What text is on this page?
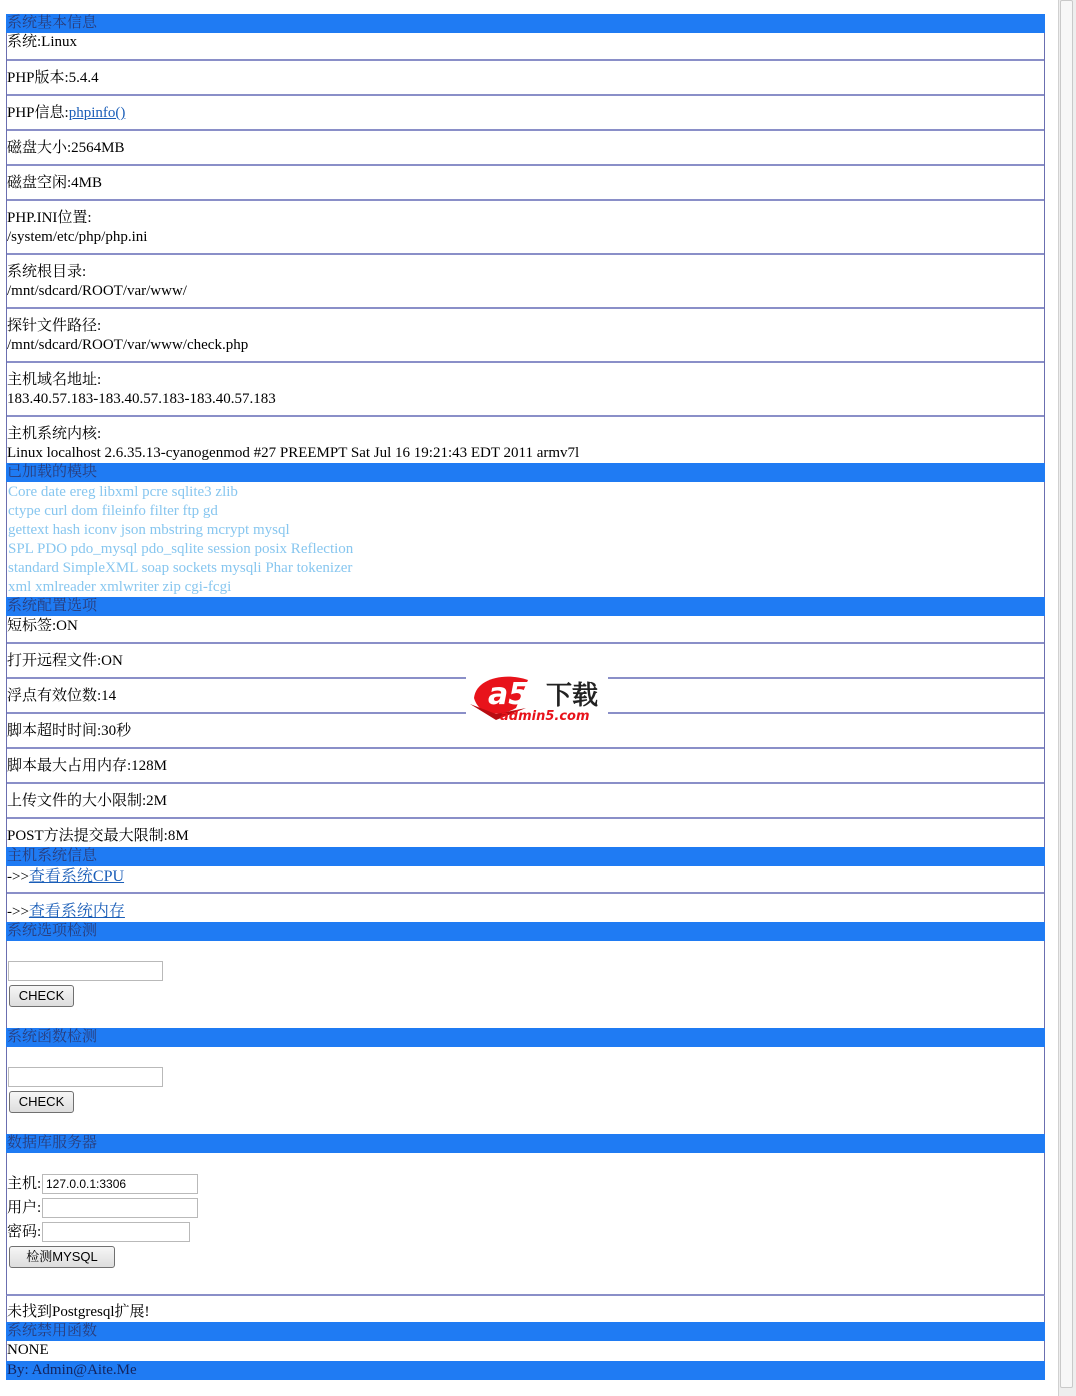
系统基本信息
系统:Linux
PHP版本:5.4.4
PHP信息:phpinfo()
磁盘大小:2564MB
磁盘空闲:4MB
PHP.INI位置:
/system/etc/php/php.ini
系统根目录:
/mnt/sdcard/ROOT/var/www/
探针文件路径:
/mnt/sdcard/ROOT/var/www/check.php
主机域名地址:
183.40.57.183-183.40.57.183-183.40.57.183
主机系统内核:
Linux localhost 2.6.35.13-cyanogenmod #27 PREEMPT Sat Jul 16 19:21:43 EDT 2011 armv7l
已加载的模块
Core date ereg libxml pcre sqlite3 zlib
ctype curl dom fileinfo filter ftp gd
gettext hash iconv json mbstring mcrypt mysql
SPL PDO pdo_mysql pdo_sqlite session posix Reflection
standard SimpleXML soap sockets mysqli Phar tokenizer
xml xmlreader xmlwriter zip cgi-fcgi
系统配置选项
短标签:ON
打开远程文件:ON
浮点有效位数:14
脚本超时时间:30秒
脚本最大占用内存:128M
上传文件的大小限制:2M
POST方法提交最大限制:8M
主机系统信息
->>查看系统CPU
->>查看系统内存
系统选项检测
CHECK
系统函数检测
CHECK
数据库服务器
主机:
127.0.0.1:3306
用户:
密码:
检测MYSQL
未找到Postgresql扩展!
系统禁用函数
NONE
By: Admin@Aite.Me
a5 下载
admin5.com
